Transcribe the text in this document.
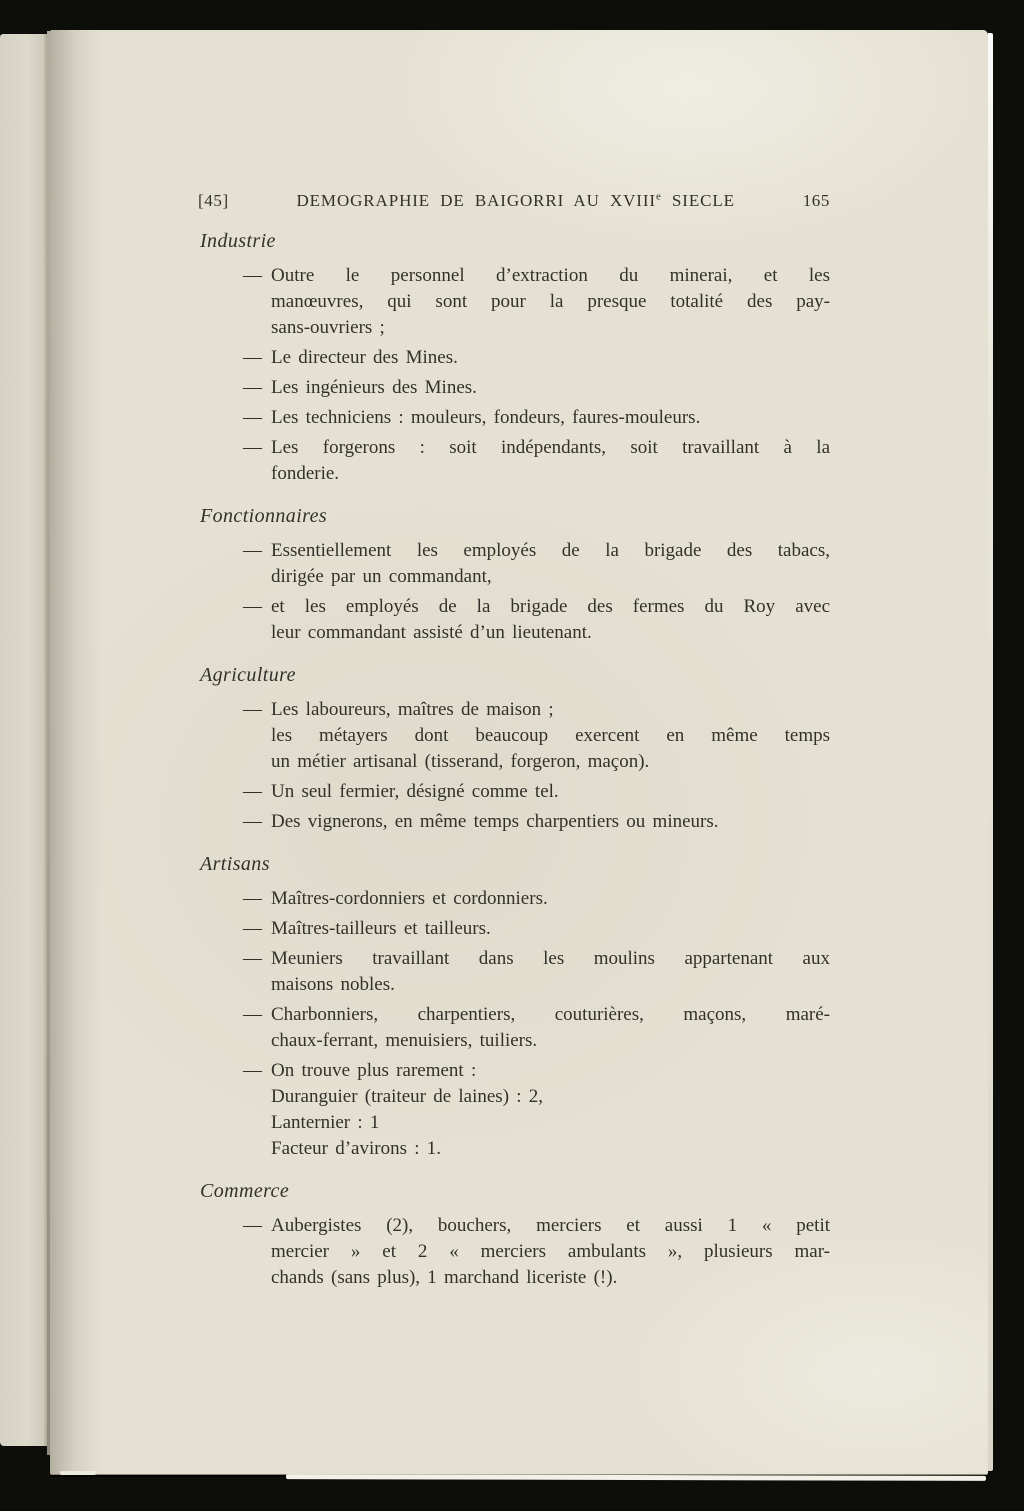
[45]	DEMOGRAPHIE DE BAIGORRI AU XVIIIe SIECLE	165
Industrie
— Outre le personnel d’extraction du minerai, et les
manœuvres, qui sont pour la presque totalité des pay-
sans-ouvriers ;
— Le directeur des Mines.
— Les ingénieurs des Mines.
— Les techniciens : mouleurs, fondeurs, faures-mouleurs.
— Les forgerons : soit indépendants, soit travaillant à la
fonderie.
Fonctionnaires
— Essentiellement les employés de la brigade des tabacs,
dirigée par un commandant,
— et les employés de la brigade des fermes du Roy avec
leur commandant assisté d’un lieutenant.
Agriculture
— Les laboureurs, maîtres de maison ;
les métayers dont beaucoup exercent en même temps
un métier artisanal (tisserand, forgeron, maçon).
— Un seul fermier, désigné comme tel.
— Des vignerons, en même temps charpentiers ou mineurs.
Artisans
— Maîtres-cordonniers et cordonniers.
— Maîtres-tailleurs et tailleurs.
— Meuniers travaillant dans les moulins appartenant aux
maisons nobles.
— Charbonniers, charpentiers, couturières, maçons, maré-
chaux-ferrant, menuisiers, tuiliers.
— On trouve plus rarement :
Duranguier (traiteur de laines) : 2,
Lanternier : 1
Facteur d’avirons : 1.
Commerce
— Aubergistes (2), bouchers, merciers et aussi 1 « petit
mercier » et 2 « merciers ambulants », plusieurs mar-
chands (sans plus), 1 marchand liceriste (!).
